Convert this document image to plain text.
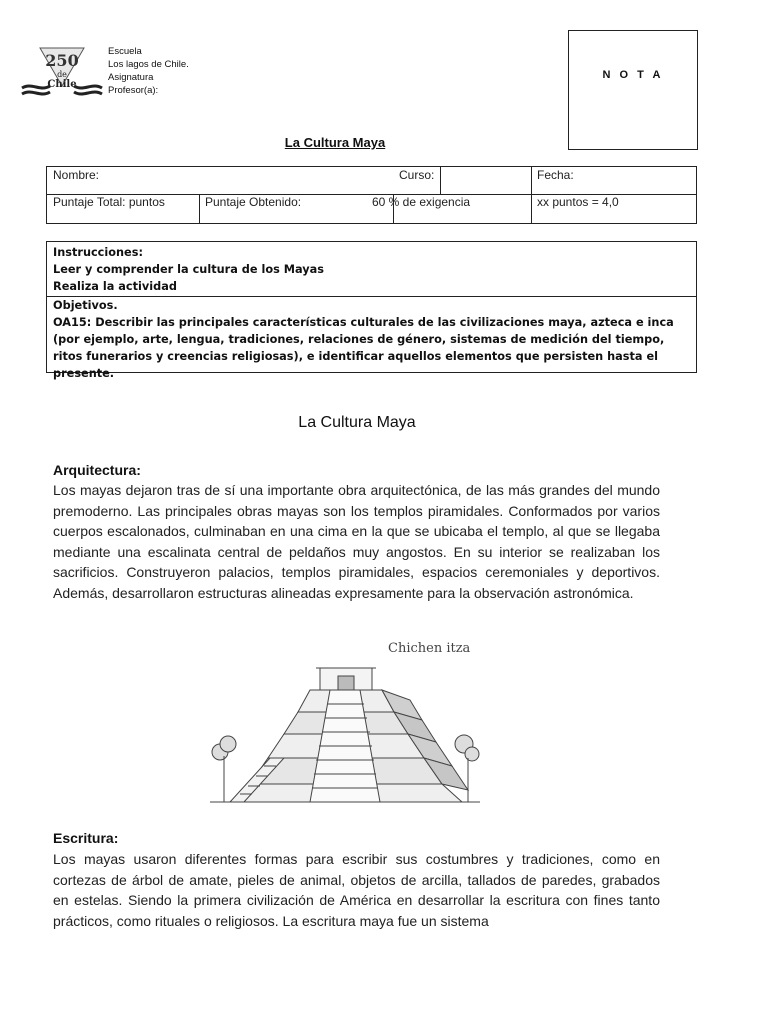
250
de
Chile
Escuela
Los lagos de Chile.
Asignatura
Profesor(a):
N O T A
La Cultura Maya
Nombre:	Curso:	Fecha:
Puntaje Total: puntos	Puntaje Obtenido:	60 % de exigencia	xx puntos = 4,0
Instrucciones:
Leer y comprender la cultura de los Mayas
Realiza la actividad
Objetivos.
OA15: Describir las principales características culturales de las civilizaciones maya, azteca e inca (por ejemplo, arte, lengua, tradiciones, relaciones de género, sistemas de medición del tiempo, ritos funerarios y creencias religiosas), e identificar aquellos elementos que persisten hasta el presente.
La Cultura Maya
Arquitectura:
Los mayas dejaron tras de sí una importante obra arquitectónica, de las más grandes del mundo premoderno. Las principales obras mayas son los templos piramidales. Conformados por varios cuerpos escalonados, culminaban en una cima en la que se ubicaba el templo, al que se llegaba mediante una escalinata central de peldaños muy angostos. En su interior se realizaban los sacrificios. Construyeron palacios, templos piramidales, espacios ceremoniales y deportivos. Además, desarrollaron estructuras alineadas expresamente para la observación astronómica.
Chichen itza
Escritura:
Los mayas usaron diferentes formas para escribir sus costumbres y tradiciones, como en cortezas de árbol de amate, pieles de animal, objetos de arcilla, tallados de paredes, grabados en estelas. Siendo la primera civilización de América en desarrollar la escritura con fines tanto prácticos, como rituales o religiosos. La escritura maya fue un sistema
